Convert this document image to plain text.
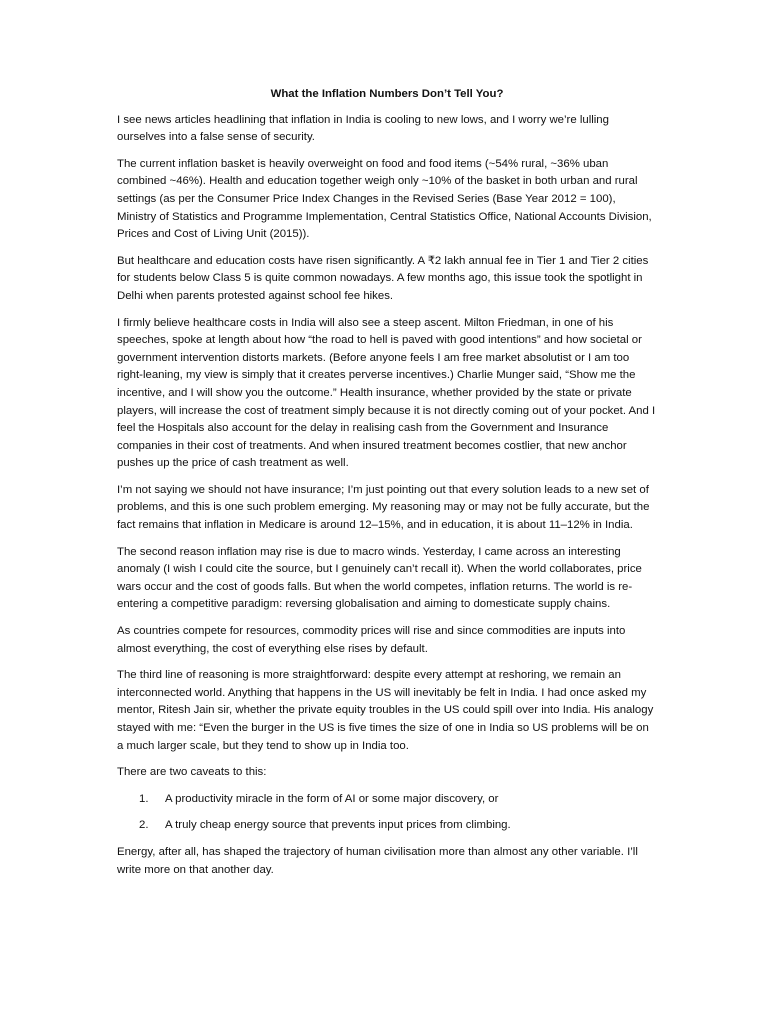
What the Inflation Numbers Don’t Tell You?

I see news articles headlining that inflation in India is cooling to new lows, and I worry we’re lulling ourselves into a false sense of security.

The current inflation basket is heavily overweight on food and food items (~54% rural, ~36% uban combined ~46%). Health and education together weigh only ~10% of the basket in both urban and rural settings (as per the Consumer Price Index Changes in the Revised Series (Base Year 2012 = 100), Ministry of Statistics and Programme Implementation, Central Statistics Office, National Accounts Division, Prices and Cost of Living Unit (2015)).

But healthcare and education costs have risen significantly. A ₹2 lakh annual fee in Tier 1 and Tier 2 cities for students below Class 5 is quite common nowadays. A few months ago, this issue took the spotlight in Delhi when parents protested against school fee hikes.

I firmly believe healthcare costs in India will also see a steep ascent. Milton Friedman, in one of his speeches, spoke at length about how “the road to hell is paved with good intentions” and how societal or government intervention distorts markets. (Before anyone feels I am free market absolutist or I am too right-leaning, my view is simply that it creates perverse incentives.) Charlie Munger said, “Show me the incentive, and I will show you the outcome.” Health insurance, whether provided by the state or private players, will increase the cost of treatment simply because it is not directly coming out of your pocket. And I feel the Hospitals also account for the delay in realising cash from the Government and Insurance companies in their cost of treatments. And when insured treatment becomes costlier, that new anchor pushes up the price of cash treatment as well.

I’m not saying we should not have insurance; I’m just pointing out that every solution leads to a new set of problems, and this is one such problem emerging. My reasoning may or may not be fully accurate, but the fact remains that inflation in Medicare is around 12–15%, and in education, it is about 11–12% in India.

The second reason inflation may rise is due to macro winds. Yesterday, I came across an interesting anomaly (I wish I could cite the source, but I genuinely can’t recall it). When the world collaborates, price wars occur and the cost of goods falls. But when the world competes, inflation returns. The world is re-entering a competitive paradigm: reversing globalisation and aiming to domesticate supply chains.

As countries compete for resources, commodity prices will rise and since commodities are inputs into almost everything, the cost of everything else rises by default.

The third line of reasoning is more straightforward: despite every attempt at reshoring, we remain an interconnected world. Anything that happens in the US will inevitably be felt in India. I had once asked my mentor, Ritesh Jain sir, whether the private equity troubles in the US could spill over into India. His analogy stayed with me: “Even the burger in the US is five times the size of one in India so US problems will be on a much larger scale, but they tend to show up in India too.

There are two caveats to this:

1.	A productivity miracle in the form of AI or some major discovery, or
2.	A truly cheap energy source that prevents input prices from climbing.

Energy, after all, has shaped the trajectory of human civilisation more than almost any other variable. I’ll write more on that another day.
